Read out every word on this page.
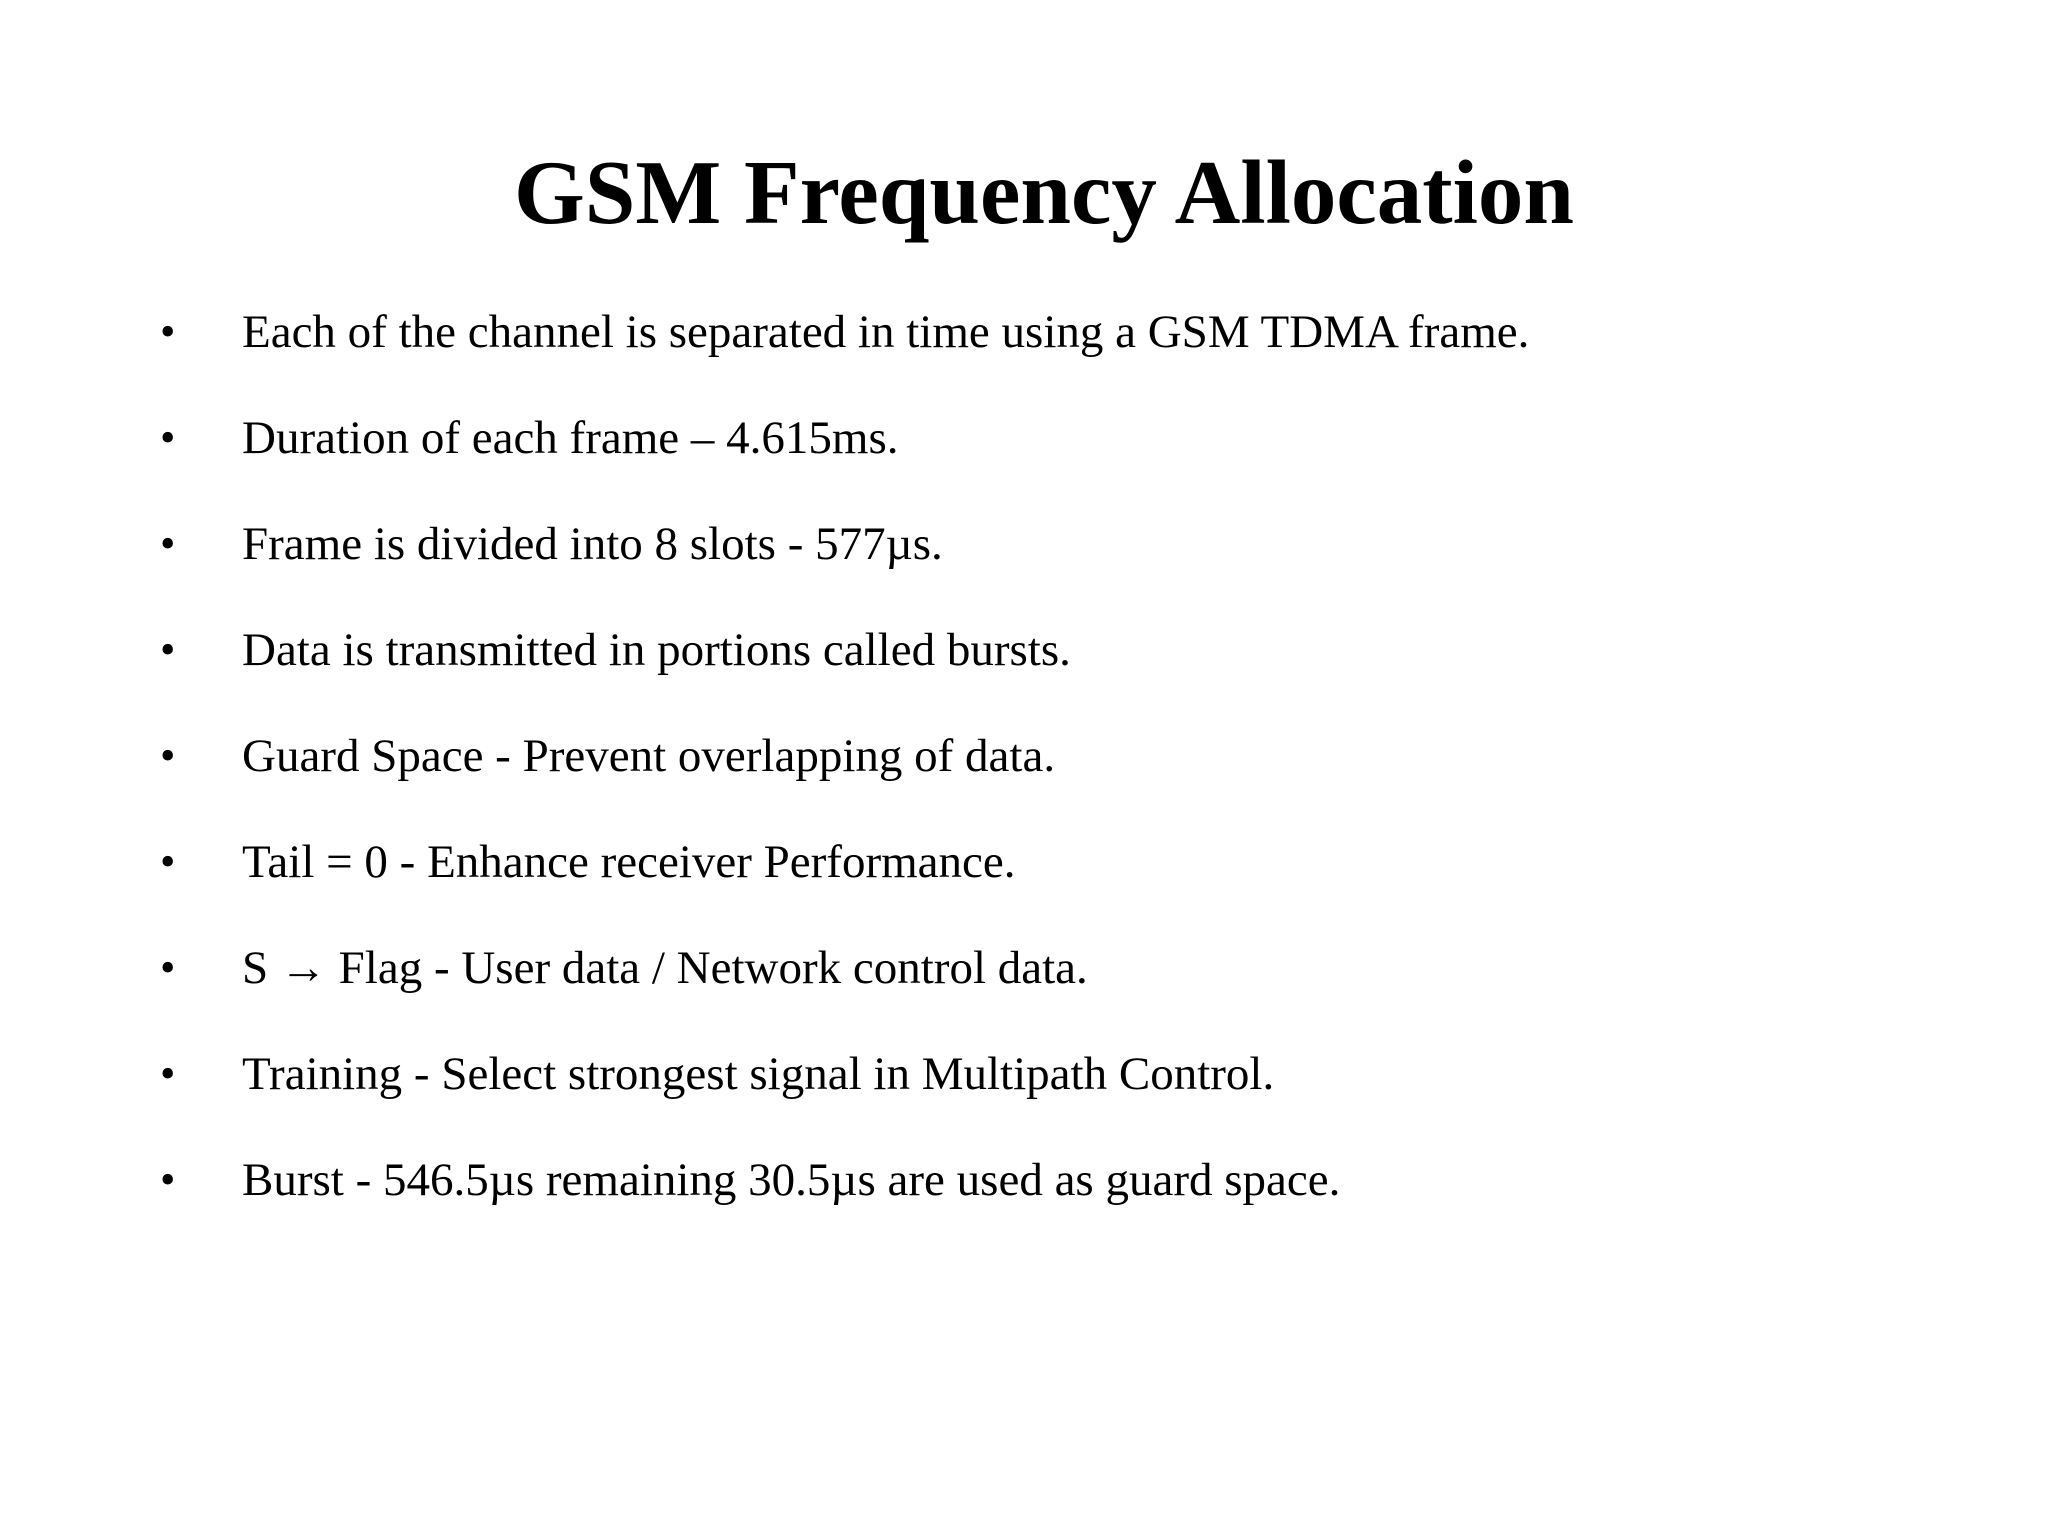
GSM Frequency Allocation
• Each of the channel is separated in time using a GSM TDMA frame.
• Duration of each frame – 4.615ms.
• Frame is divided into 8 slots - 577µs.
• Data is transmitted in portions called bursts.
• Guard Space - Prevent overlapping of data.
• Tail = 0 - Enhance receiver Performance.
• S → Flag - User data / Network control data.
• Training - Select strongest signal in Multipath Control.
• Burst - 546.5µs remaining 30.5µs are used as guard space.
